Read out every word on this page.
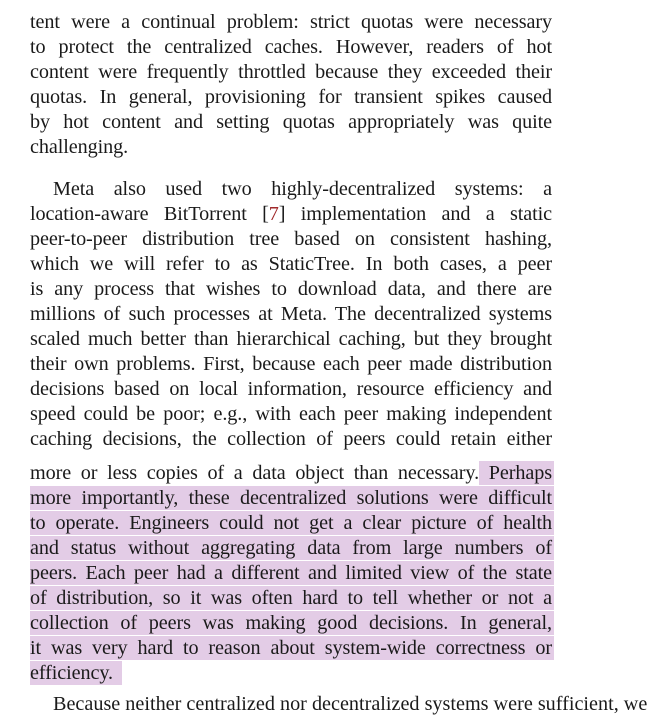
tent were a continual problem: strict quotas were necessary
to protect the centralized caches. However, readers of hot
content were frequently throttled because they exceeded their
quotas. In general, provisioning for transient spikes caused
by hot content and setting quotas appropriately was quite
challenging.
Meta also used two highly-decentralized systems: a
location-aware BitTorrent [7] implementation and a static
peer-to-peer distribution tree based on consistent hashing,
which we will refer to as StaticTree. In both cases, a peer
is any process that wishes to download data, and there are
millions of such processes at Meta. The decentralized systems
scaled much better than hierarchical caching, but they brought
their own problems. First, because each peer made distribution
decisions based on local information, resource efficiency and
speed could be poor; e.g., with each peer making independent
caching decisions, the collection of peers could retain either
more or less copies of a data object than necessary. Perhaps
more importantly, these decentralized solutions were difficult
to operate. Engineers could not get a clear picture of health
and status without aggregating data from large numbers of
peers. Each peer had a different and limited view of the state
of distribution, so it was often hard to tell whether or not a
collection of peers was making good decisions. In general,
it was very hard to reason about system-wide correctness or
efficiency.
Because neither centralized nor decentralized systems were sufficient, we
